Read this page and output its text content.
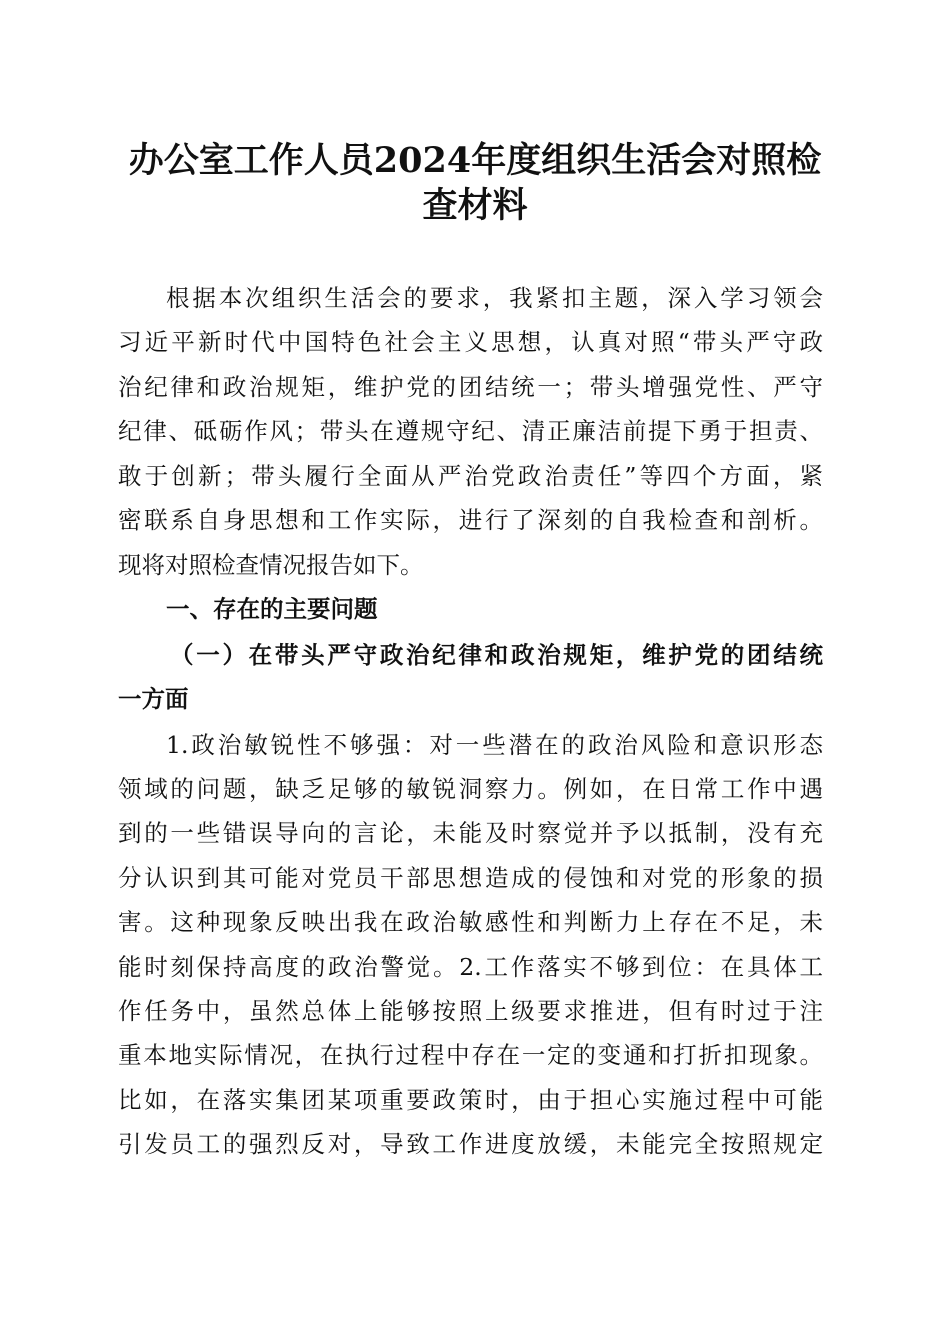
办公室工作人员2024年度组织生活会对照检
查材料
根据本次组织生活会的要求，我紧扣主题，深入学习领会
习近平新时代中国特色社会主义思想，认真对照“带头严守政
治纪律和政治规矩，维护党的团结统一；带头增强党性、严守
纪律、砥砺作风；带头在遵规守纪、清正廉洁前提下勇于担责、
敢于创新；带头履行全面从严治党政治责任”等四个方面，紧
密联系自身思想和工作实际，进行了深刻的自我检查和剖析。
现将对照检查情况报告如下。
一、存在的主要问题
（一）在带头严守政治纪律和政治规矩，维护党的团结统
一方面
1.政治敏锐性不够强：对一些潜在的政治风险和意识形态
领域的问题，缺乏足够的敏锐洞察力。例如，在日常工作中遇
到的一些错误导向的言论，未能及时察觉并予以抵制，没有充
分认识到其可能对党员干部思想造成的侵蚀和对党的形象的损
害。这种现象反映出我在政治敏感性和判断力上存在不足，未
能时刻保持高度的政治警觉。2.工作落实不够到位：在具体工
作任务中，虽然总体上能够按照上级要求推进，但有时过于注
重本地实际情况，在执行过程中存在一定的变通和打折扣现象。
比如，在落实集团某项重要政策时，由于担心实施过程中可能
引发员工的强烈反对，导致工作进度放缓，未能完全按照规定
